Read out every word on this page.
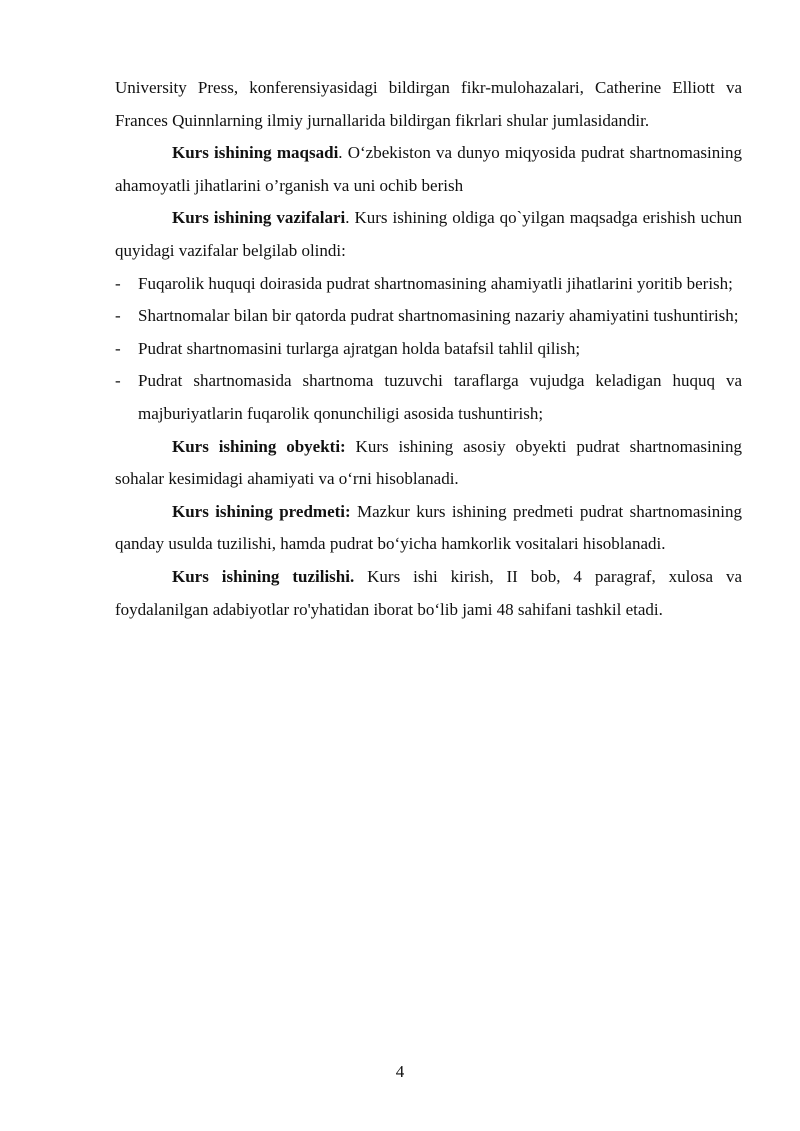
University Press, konferensiyasidagi bildirgan fikr-mulohazalari, Catherine Elliott va Frances Quinnlarning ilmiy jurnallarida bildirgan fikrlari shular jumlasidandir.

Kurs ishining maqsadi. O‘zbekiston va dunyo miqyosida pudrat shartnomasining ahamoyatli jihatlarini o’rganish va uni ochib berish

Kurs ishining vazifalari. Kurs ishining oldiga qo`yilgan maqsadga erishish uchun quyidagi vazifalar belgilab olindi:

- Fuqarolik huquqi doirasida pudrat shartnomasining ahamiyatli jihatlarini yoritib berish;
- Shartnomalar bilan bir qatorda pudrat shartnomasining nazariy ahamiyatini tushuntirish;
- Pudrat shartnomasini turlarga ajratgan holda batafsil tahlil qilish;
- Pudrat shartnomasida shartnoma tuzuvchi taraflarga vujudga keladigan huquq va majburiyatlarin fuqarolik qonunchiligi asosida tushuntirish;

Kurs ishining obyekti: Kurs ishining asosiy obyekti pudrat shartnomasining sohalar kesimidagi ahamiyati va o‘rni hisoblanadi.

Kurs ishining predmeti: Mazkur kurs ishining predmeti pudrat shartnomasining qanday usulda tuzilishi, hamda pudrat bo‘yicha hamkorlik vositalari hisoblanadi.

Kurs ishining tuzilishi. Kurs ishi kirish, II bob, 4 paragraf, xulosa va foydalanilgan adabiyotlar ro'yhatidan iborat bo‘lib jami 48 sahifani tashkil etadi.

4
